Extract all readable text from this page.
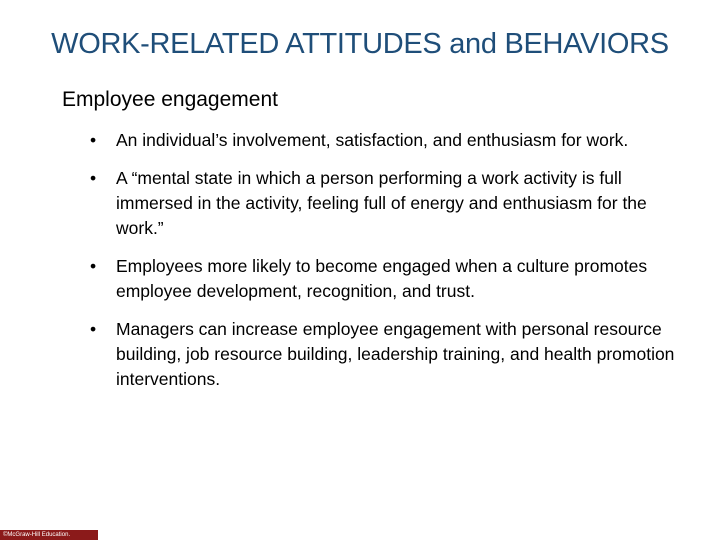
WORK-RELATED ATTITUDES and BEHAVIORS
Employee engagement
• An individual’s involvement, satisfaction, and enthusiasm for work.
• A “mental state in which a person performing a work activity is full immersed in the activity, feeling full of energy and enthusiasm for the work.”
• Employees more likely to become engaged when a culture promotes employee development, recognition, and trust.
• Managers can increase employee engagement with personal resource building, job resource building, leadership training, and health promotion interventions.
©McGraw-Hill Education.
